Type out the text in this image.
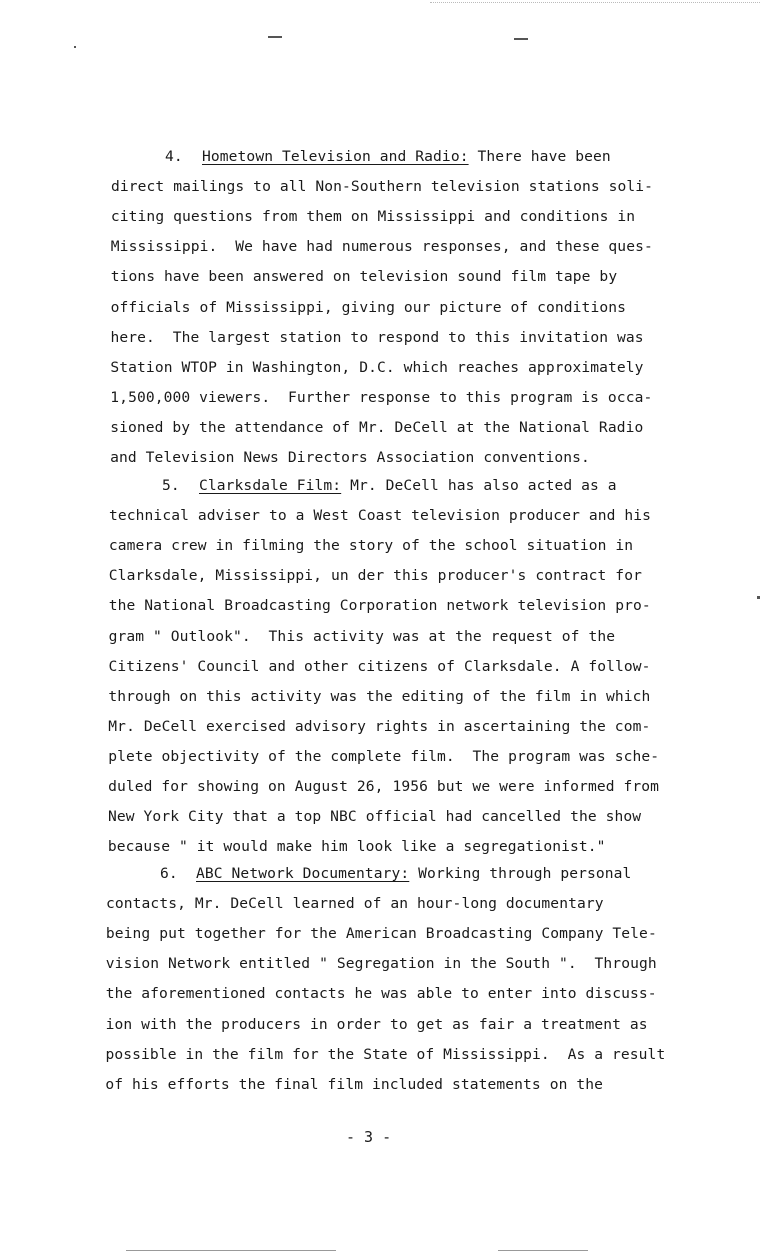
4. Hometown Television and Radio: There have been
direct mailings to all Non-Southern television stations soli-
citing questions from them on Mississippi and conditions in
Mississippi.  We have had numerous responses, and these ques-
tions have been answered on television sound film tape by
officials of Mississippi, giving our picture of conditions
here.  The largest station to respond to this invitation was
Station WTOP in Washington, D.C. which reaches approximately
1,500,000 viewers.  Further response to this program is occa-
sioned by the attendance of Mr. DeCell at the National Radio
and Television News Directors Association conventions.
5. Clarksdale Film: Mr. DeCell has also acted as a
technical adviser to a West Coast television producer and his
camera crew in filming the story of the school situation in
Clarksdale, Mississippi, un der this producer's contract for
the National Broadcasting Corporation network television pro-
gram " Outlook".  This activity was at the request of the
Citizens' Council and other citizens of Clarksdale. A follow-
through on this activity was the editing of the film in which
Mr. DeCell exercised advisory rights in ascertaining the com-
plete objectivity of the complete film.  The program was sche-
duled for showing on August 26, 1956 but we were informed from
New York City that a top NBC official had cancelled the show
because " it would make him look like a segregationist."
6. ABC Network Documentary: Working through personal
contacts, Mr. DeCell learned of an hour-long documentary
being put together for the American Broadcasting Company Tele-
vision Network entitled " Segregation in the South ".  Through
the aforementioned contacts he was able to enter into discuss-
ion with the producers in order to get as fair a treatment as
possible in the film for the State of Mississippi.  As a result
of his efforts the final film included statements on the
- 3 -
